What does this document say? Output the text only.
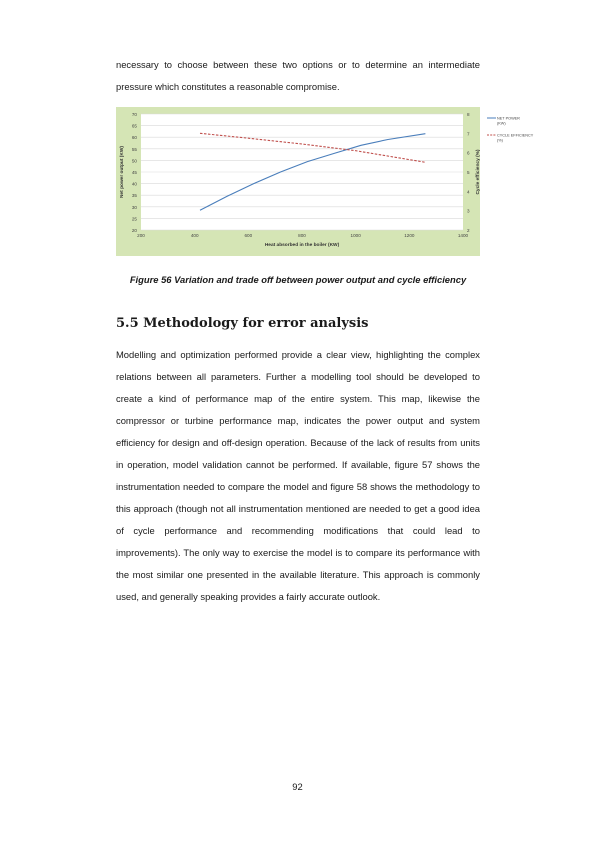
necessary to choose between these two options or to determine an intermediate pressure which constitutes a reasonable compromise.

20
25
30
35
40
45
50
55
60
65
70
2
3
4
5
6
7
8
200	400	600	800	1000	1200	1400
Heat absorbed in the boiler (KW)
Net power output (KW)	Cycle efficiency (%)
NET POWER
(KW)
CYCLE EFFICIENCY
(%)
Figure 56 Variation and trade off between power output and cycle efficiency
5.5 Methodology for error analysis

Modelling and optimization performed provide a clear view, highlighting the complex relations between all parameters. Further a modelling tool should be developed to create a kind of performance map of the entire system. This map, likewise the compressor or turbine performance map, indicates the power output and system efficiency for design and off-design operation. Because of the lack of results from units in operation, model validation cannot be performed. If available, figure 57 shows the instrumentation needed to compare the model and figure 58 shows the methodology to this approach (though not all instrumentation mentioned are needed to get a good idea of cycle performance and recommending modifications that could lead to improvements). The only way to exercise the model is to compare its performance with the most similar one presented in the available literature. This approach is commonly used, and generally speaking provides a fairly accurate outlook.

92
